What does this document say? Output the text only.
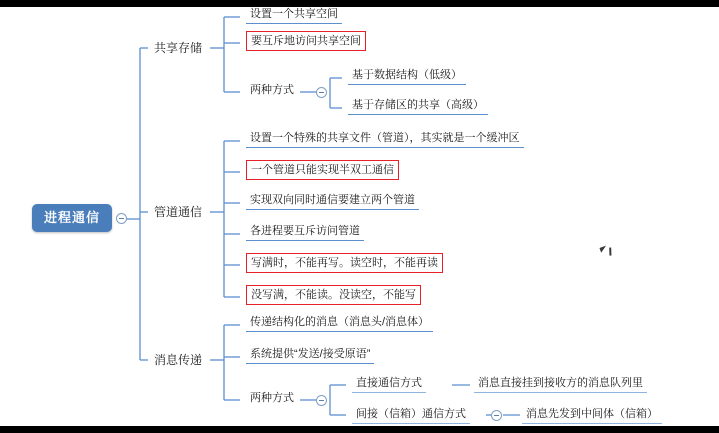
进程通信
共享存储
管道通信
消息传递
设置一个共享空间
要互斥地访问共享空间
两种方式
基于数据结构（低级）
基于存储区的共享（高级）
设置一个特殊的共享文件（管道），其实就是一个缓冲区
一个管道只能实现半双工通信
实现双向同时通信要建立两个管道
各进程要互斥访问管道
写满时，不能再写。读空时，不能再读
没写满，不能读。没读空，不能写
传递结构化的消息（消息头/消息体）
系统提供“发送/接受原语”
两种方式
直接通信方式
间接（信箱）通信方式
消息直接挂到接收方的消息队列里
消息先发到中间体（信箱）
